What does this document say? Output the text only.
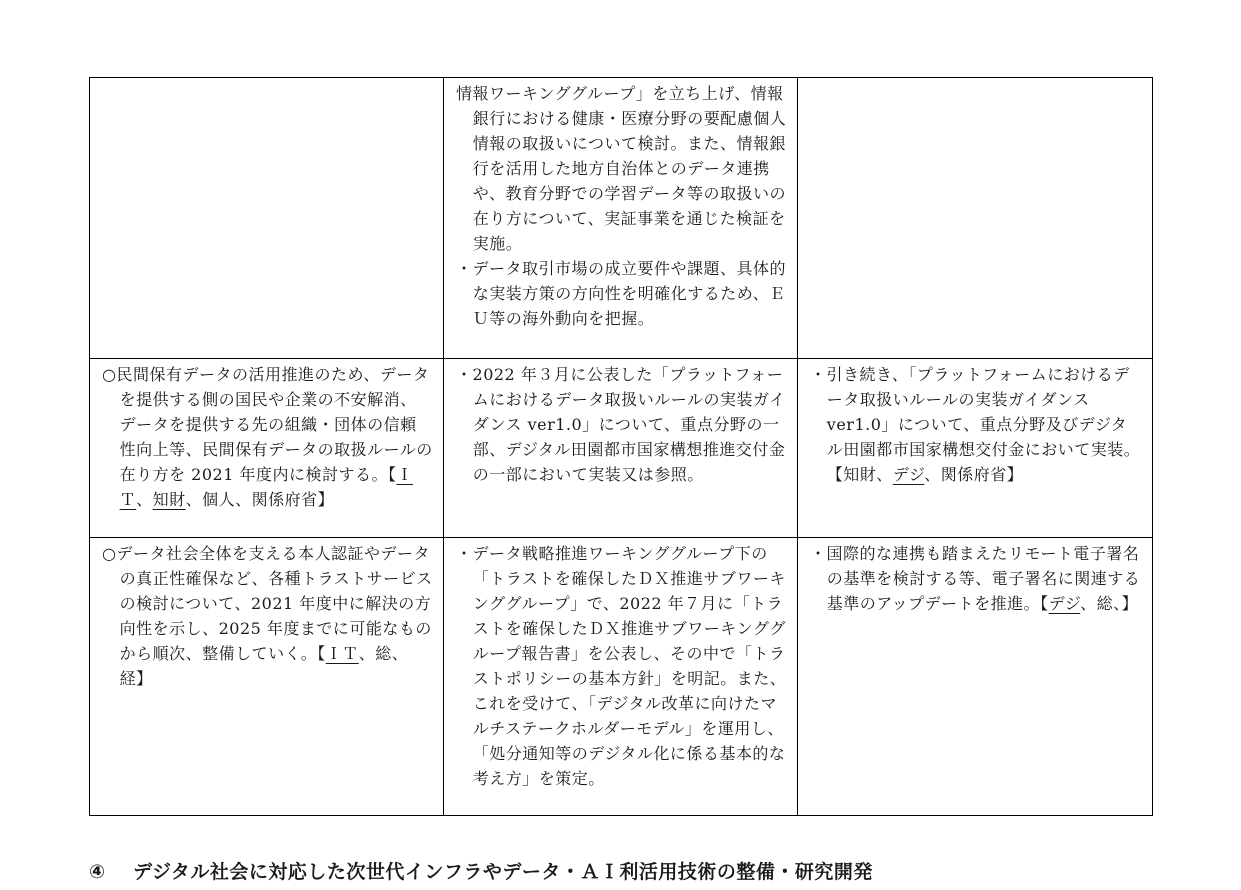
	情報ワーキンググループ」を立ち上げ、情報銀行における健康・医療分野の要配慮個人情報の取扱いについて検討。また、情報銀行を活用した地方自治体とのデータ連携や、教育分野での学習データ等の取扱いの在り方について、実証事業を通じた検証を実施。
・データ取引市場の成立要件や課題、具体的な実装方策の方向性を明確化するため、ＥＵ等の海外動向を把握。	

○民間保有データの活用推進のため、データを提供する側の国民や企業の不安解消、データを提供する先の組織・団体の信頼性向上等、民間保有データの取扱ルールの在り方を 2021 年度内に検討する。【ＩＴ、知財、個人、関係府省】	・2022 年３月に公表した「プラットフォームにおけるデータ取扱いルールの実装ガイダンス ver1.0」について、重点分野の一部、デジタル田園都市国家構想推進交付金の一部において実装又は参照。	・引き続き、「プラットフォームにおけるデータ取扱いルールの実装ガイダンス ver1.0」について、重点分野及びデジタル田園都市国家構想交付金において実装。【知財、デジ、関係府省】

○データ社会全体を支える本人認証やデータの真正性確保など、各種トラストサービスの検討について、2021 年度中に解決の方向性を示し、2025 年度までに可能なものから順次、整備していく。【ＩＴ、総、経】	・データ戦略推進ワーキンググループ下の「トラストを確保したＤＸ推進サブワーキンググループ」で、2022 年７月に「トラストを確保したＤＸ推進サブワーキンググループ報告書」を公表し、その中で「トラストポリシーの基本方針」を明記。また、これを受けて、「デジタル改革に向けたマルチステークホルダーモデル」を運用し、「処分通知等のデジタル化に係る基本的な考え方」を策定。	・国際的な連携も踏まえたリモート電子署名の基準を検討する等、電子署名に関連する基準のアップデートを推進。【デジ、総、】
④ デジタル社会に対応した次世代インフラやデータ・ＡＩ利活用技術の整備・研究開発
